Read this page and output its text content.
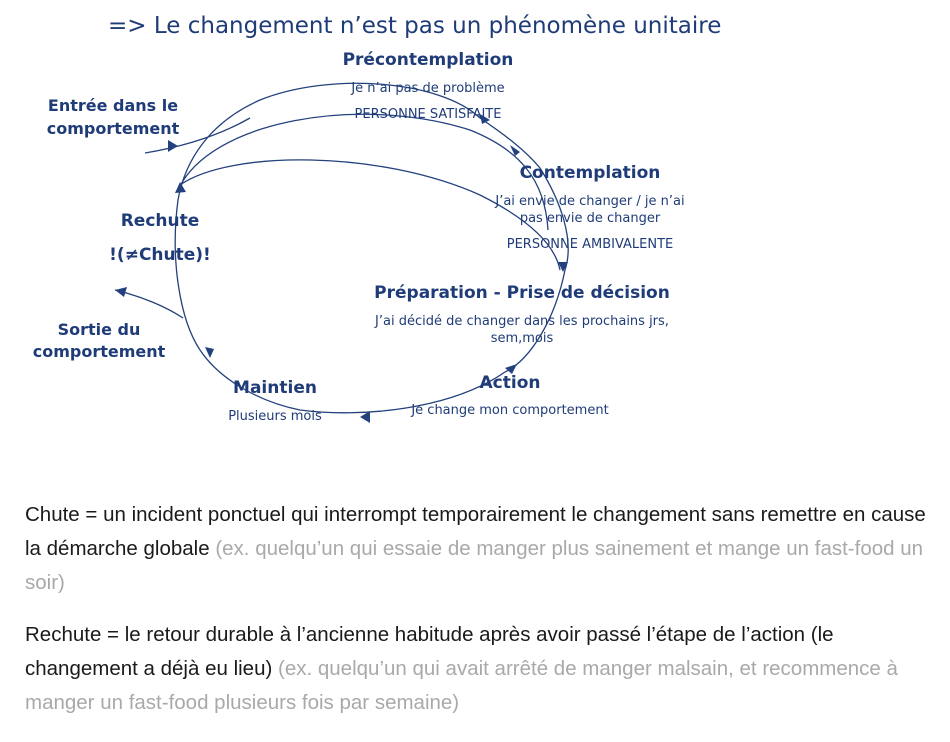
=> Le changement n’est pas un phénomène unitaire
Précontemplation
Je n’ai pas de problème
PERSONNE SATISFAITE
Contemplation
J’ai envie de changer / je n’ai
pas envie de changer
PERSONNE AMBIVALENTE
Préparation - Prise de décision
J’ai décidé de changer dans les prochains jrs,
sem,mois
Action
Je change mon comportement
Maintien
Plusieurs mois
Rechute
!(≠Chute)!
Entrée dans le
comportement
Sortie du
comportement

Chute = un incident ponctuel qui interrompt temporairement le changement sans remettre en cause la démarche globale (ex. quelqu’un qui essaie de manger plus sainement et mange un fast-food un soir)

Rechute = le retour durable à l’ancienne habitude après avoir passé l’étape de l’action (le changement a déjà eu lieu) (ex. quelqu’un qui avait arrêté de manger malsain, et recommence à manger un fast-food plusieurs fois par semaine)
